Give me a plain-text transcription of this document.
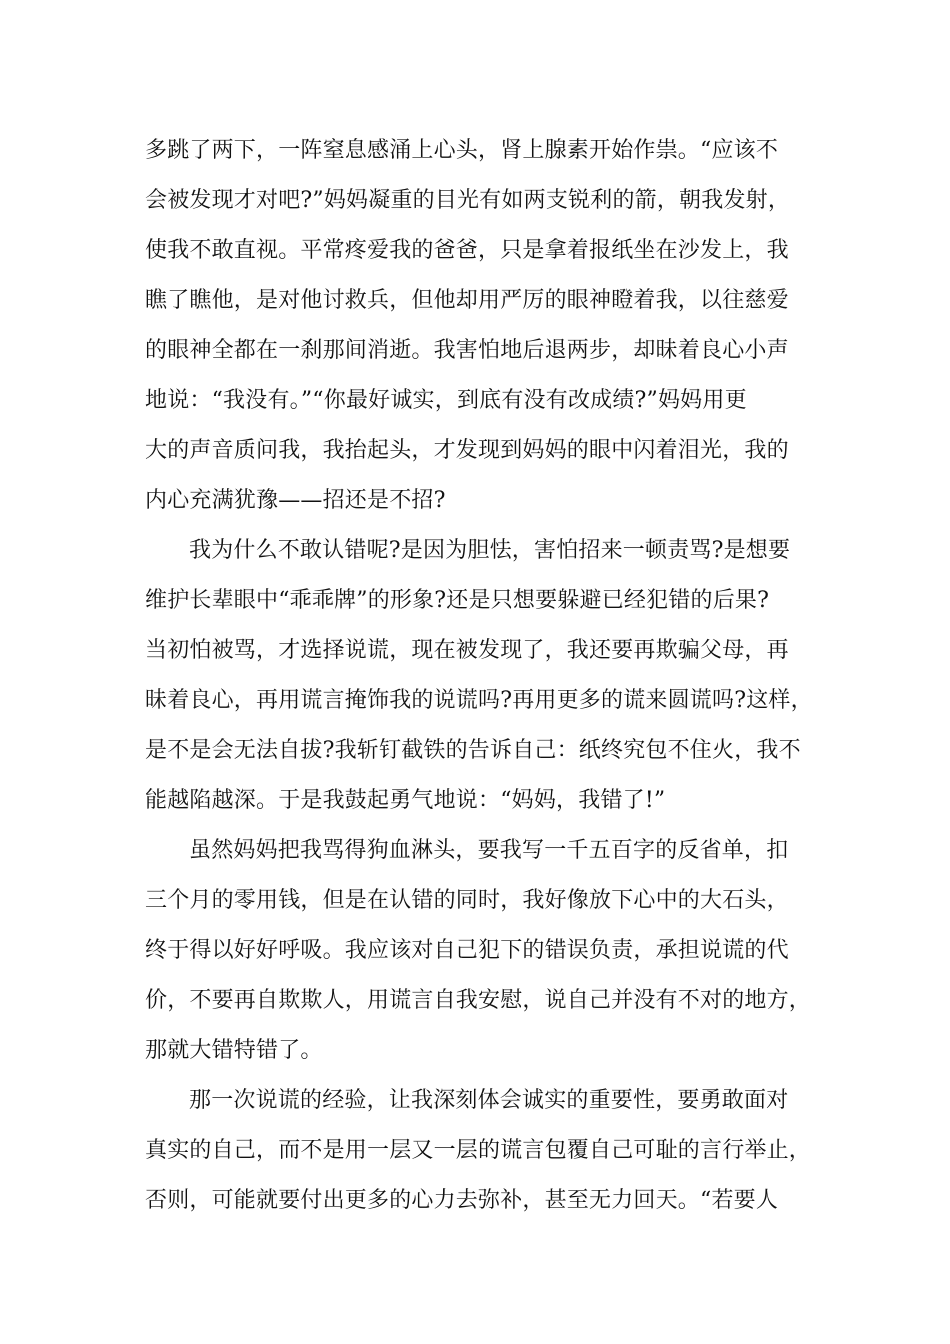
多跳了两下，一阵窒息感涌上心头，肾上腺素开始作祟。“应该不
会被发现才对吧?”妈妈凝重的目光有如两支锐利的箭，朝我发射，
使我不敢直视。平常疼爱我的爸爸，只是拿着报纸坐在沙发上，我
瞧了瞧他，是对他讨救兵，但他却用严厉的眼神瞪着我，以往慈爱
的眼神全都在一刹那间消逝。我害怕地后退两步，却昧着良心小声
地说：“我没有。”“你最好诚实，到底有没有改成绩?”妈妈用更
大的声音质问我，我抬起头，才发现到妈妈的眼中闪着泪光，我的
内心充满犹豫——招还是不招?
我为什么不敢认错呢?是因为胆怯，害怕招来一顿责骂?是想要
维护长辈眼中“乖乖牌”的形象?还是只想要躲避已经犯错的后果?
当初怕被骂，才选择说谎，现在被发现了，我还要再欺骗父母，再
昧着良心，再用谎言掩饰我的说谎吗?再用更多的谎来圆谎吗?这样，
是不是会无法自拔?我斩钉截铁的告诉自己：纸终究包不住火，我不
能越陷越深。于是我鼓起勇气地说：“妈妈，我错了!”
虽然妈妈把我骂得狗血淋头，要我写一千五百字的反省单，扣
三个月的零用钱，但是在认错的同时，我好像放下心中的大石头，
终于得以好好呼吸。我应该对自己犯下的错误负责，承担说谎的代
价，不要再自欺欺人，用谎言自我安慰，说自己并没有不对的地方，
那就大错特错了。
那一次说谎的经验，让我深刻体会诚实的重要性，要勇敢面对
真实的自己，而不是用一层又一层的谎言包覆自己可耻的言行举止，
否则，可能就要付出更多的心力去弥补，甚至无力回天。“若要人
